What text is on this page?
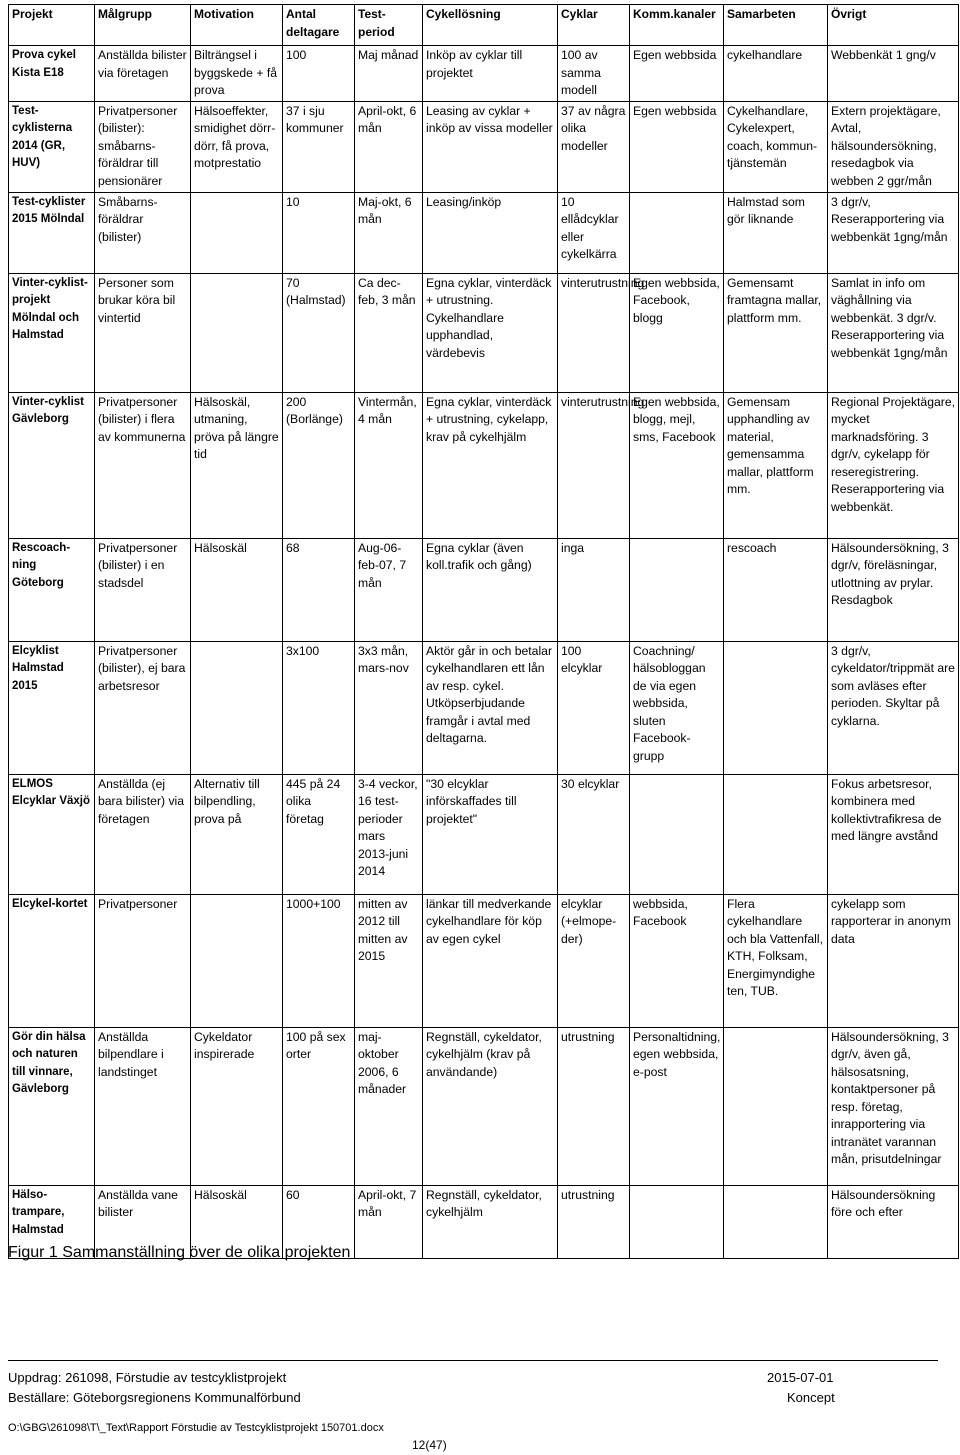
Projekt	Målgrupp	Motivation	Antal deltagare	Test-period	Cykellösning	Cyklar	Komm.kanaler	Samarbeten	Övrigt
Prova cykel Kista E18	Anställda bilister via företagen	Bilträngsel i byggskede + få prova	100	Maj månad	Inköp av cyklar till projektet	100 av samma modell	Egen webbsida	cykelhandlare	Webbenkät 1 gng/v
Test-cyklisterna 2014 (GR, HUV)	Privatpersoner (bilister): småbarns-föräldrar till pensionärer	Hälsoeffekter, smidighet dörr-dörr, få prova, motprestatio	37 i sju kommuner	April-okt, 6 mån	Leasing av cyklar + inköp av vissa modeller	37 av några olika modeller	Egen webbsida	Cykelhandlare, Cykelexpert, coach, kommun-tjänstemän	Extern projektägare, Avtal, hälsoundersökning, resedagbok via webben 2 ggr/mån
Test-cyklister 2015 Mölndal	Småbarns-föräldrar (bilister)		10	Maj-okt, 6 mån	Leasing/inköp	10 ellådcyklar eller cykelkärra		Halmstad som gör liknande	3 dgr/v, Reserapportering via webbenkät 1gng/mån
Vinter-cyklist-projekt Mölndal och Halmstad	Personer som brukar köra bil vintertid		70 (Halmstad)	Ca dec-feb, 3 mån	Egna cyklar, vinterdäck + utrustning. Cykelhandlare upphandlad, värdebevis	vinterutrustning	Egen webbsida, Facebook, blogg	Gemensamt framtagna mallar, plattform mm.	Samlat in info om väghållning via webbenkät. 3 dgr/v. Reserapportering via webbenkät 1gng/mån
Vinter-cyklist Gävleborg	Privatpersoner (bilister) i flera av kommunerna	Hälsoskäl, utmaning, pröva på längre tid	200 (Borlänge)	Vintermån, 4 mån	Egna cyklar, vinterdäck + utrustning, cykelapp, krav på cykelhjälm	vinterutrustning	Egen webbsida, blogg, mejl, sms, Facebook	Gemensam upphandling av material, gemensamma mallar, plattform mm.	Regional Projektägare, mycket marknadsföring. 3 dgr/v, cykelapp för reseregistrering. Reserapportering via webbenkät.
Rescoach-ning Göteborg	Privatpersoner (bilister) i en stadsdel	Hälsoskäl	68	Aug-06-feb-07, 7 mån	Egna cyklar (även koll.trafik och gång)	inga		rescoach	Hälsoundersökning, 3 dgr/v, föreläsningar, utlottning av prylar. Resdagbok
Elcyklist Halmstad 2015	Privatpersoner (bilister), ej bara arbetsresor		3x100	3x3 mån, mars-nov	Aktör går in och betalar cykelhandlaren ett lån av resp. cykel. Utköpserbjudande framgår i avtal med deltagarna.	100 elcyklar	Coachning/ hälsobloggan de via egen webbsida, sluten Facebook-grupp		3 dgr/v, cykeldator/trippmät are som avläses efter perioden. Skyltar på cyklarna.
ELMOS Elcyklar Växjö	Anställda (ej bara bilister) via företagen	Alternativ till bilpendling, prova på	445 på 24 olika företag	3-4 veckor, 16 test-perioder mars 2013-juni 2014	"30 elcyklar införskaffades till projektet"	30 elcyklar			Fokus arbetsresor, kombinera med kollektivtrafikresa de med längre avstånd
Elcykel-kortet	Privatpersoner		1000+100	mitten av 2012 till mitten av 2015	länkar till medverkande cykelhandlare för köp av egen cykel	elcyklar (+elmope-der)	webbsida, Facebook	Flera cykelhandlare och bla Vattenfall, KTH, Folksam, Energimyndighe ten, TUB.	cykelapp som rapporterar in anonym data
Gör din hälsa och naturen till vinnare, Gävleborg	Anställda bilpendlare i landstinget	Cykeldator inspirerade	100 på sex orter	maj-oktober 2006, 6 månader	Regnställ, cykeldator, cykelhjälm (krav på användande)	utrustning	Personaltidning, egen webbsida, e-post		Hälsoundersökning, 3 dgr/v, även gå, hälsosatsning, kontaktpersoner på resp. företag, inrapportering via intranätet varannan mån, prisutdelningar
Hälso-trampare, Halmstad	Anställda vane bilister	Hälsoskäl	60	April-okt, 7 mån	Regnställ, cykeldator, cykelhjälm	utrustning			Hälsoundersökning före och efter
Figur 1 Sammanställning över de olika projekten
Uppdrag: 261098, Förstudie av testcyklistprojekt
Beställare: Göteborgsregionens Kommunalförbund
2015-07-01
Koncept
O:\GBG\261098\T\_Text\Rapport Förstudie av Testcyklistprojekt 150701.docx
12(47)
